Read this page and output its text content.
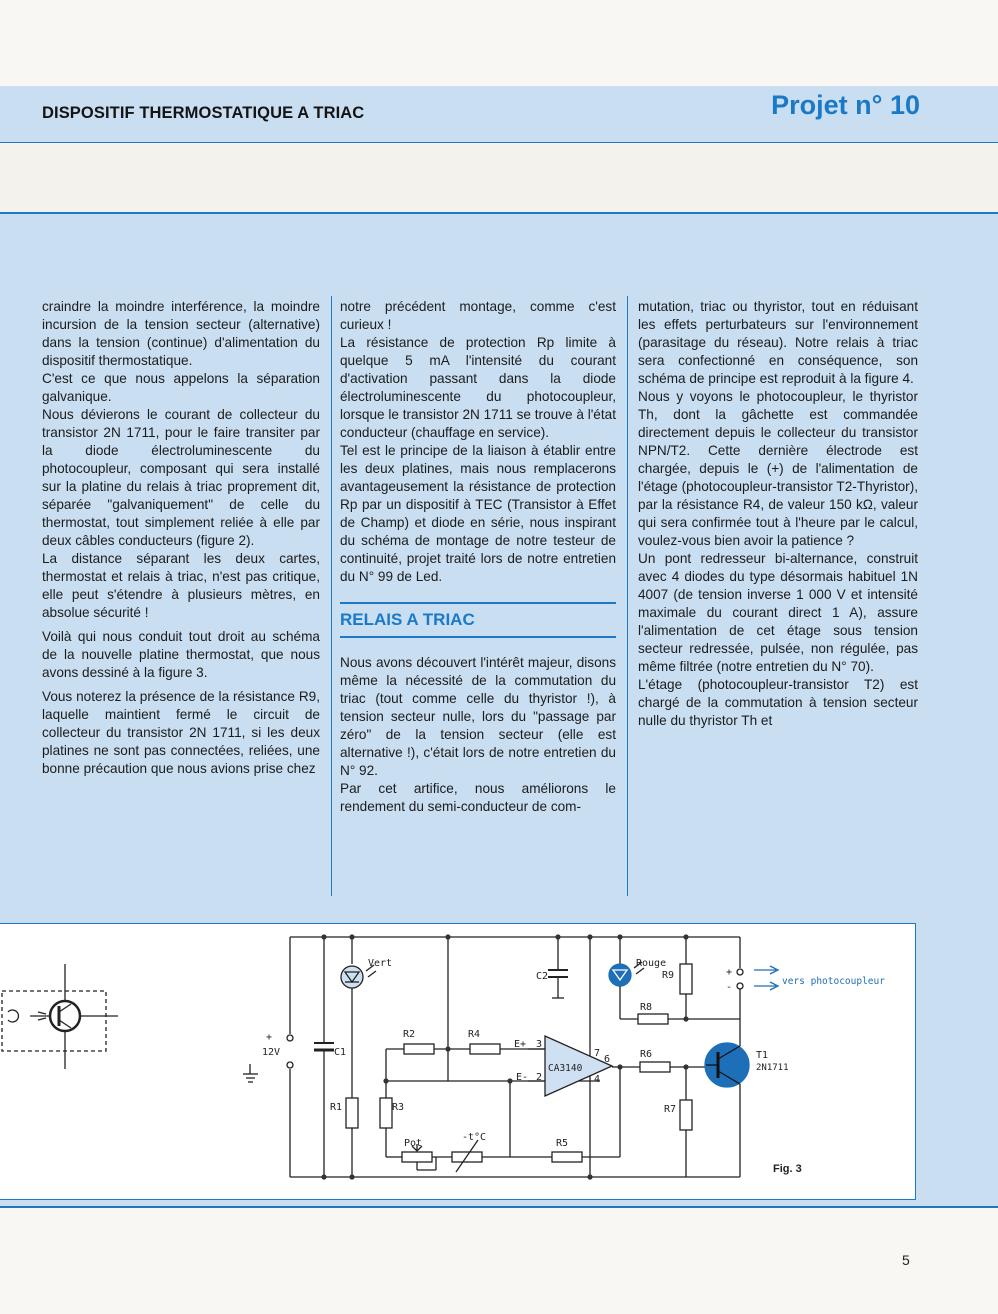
DISPOSITIF THERMOSTATIQUE A TRIAC	Projet n° 10

craindre la moindre interférence, la moindre incursion de la tension secteur (alternative) dans la tension (continue) d'alimentation du dispositif thermostatique.

C'est ce que nous appelons la séparation galvanique.

Nous dévierons le courant de collecteur du transistor 2N 1711, pour le faire transiter par la diode électroluminescente du photocoupleur, composant qui sera installé sur la platine du relais à triac proprement dit, séparée "galvaniquement" de celle du thermostat, tout simplement reliée à elle par deux câbles conducteurs (figure 2).

La distance séparant les deux cartes, thermostat et relais à triac, n'est pas critique, elle peut s'étendre à plusieurs mètres, en absolue sécurité !

Voilà qui nous conduit tout droit au schéma de la nouvelle platine thermostat, que nous avons dessiné à la figure 3.

Vous noterez la présence de la résistance R9, laquelle maintient fermé le circuit de collecteur du transistor 2N 1711, si les deux platines ne sont pas connectées, reliées, une bonne précaution que nous avions prise chez

notre précédent montage, comme c'est curieux !

La résistance de protection Rp limite à quelque 5 mA l'intensité du courant d'activation passant dans la diode électroluminescente du photocoupleur, lorsque le transistor 2N 1711 se trouve à l'état conducteur (chauffage en service).

Tel est le principe de la liaison à établir entre les deux platines, mais nous remplacerons avantageusement la résistance de protection Rp par un dispositif à TEC (Transistor à Effet de Champ) et diode en série, nous inspirant du schéma de montage de notre testeur de continuité, projet traité lors de notre entretien du N° 99 de Led.

RELAIS A TRIAC

Nous avons découvert l'intérêt majeur, disons même la nécessité de la commutation du triac (tout comme celle du thyristor !), à tension secteur nulle, lors du "passage par zéro" de la tension secteur (elle est alternative !), c'était lors de notre entretien du N° 92.

Par cet artifice, nous améliorons le rendement du semi-conducteur de com-

mutation, triac ou thyristor, tout en réduisant les effets perturbateurs sur l'environnement (parasitage du réseau). Notre relais à triac sera confectionné en conséquence, son schéma de principe est reproduit à la figure 4.

Nous y voyons le photocoupleur, le thyristor Th, dont la gâchette est commandée directement depuis le collecteur du transistor NPN/T2. Cette dernière électrode est chargée, depuis le (+) de l'alimentation de l'étage (photocoupleur-transistor T2-Thyristor), par la résistance R4, de valeur 150 kΩ, valeur qui sera confirmée tout à l'heure par le calcul, voulez-vous bien avoir la patience ?

Un pont redresseur bi-alternance, construit avec 4 diodes du type désormais habituel 1N 4007 (de tension inverse 1 000 V et intensité maximale du courant direct 1 A), assure l'alimentation de cet étage sous tension secteur redressée, pulsée, non régulée, pas même filtrée (notre entretien du N° 70).

L'étage (photocoupleur-transistor T2) est chargé de la commutation à tension secteur nulle du thyristor Th et

Vert	Rouge
C2
C1
+
12V
R1
R2	R4
R3
Pot
-t°C
R5
E+ 3
E- 2
7
6
4
CA3140
R8
R9
R6
R7
T1
2N1711
+
-
vers photocoupleur
Fig. 3
5
